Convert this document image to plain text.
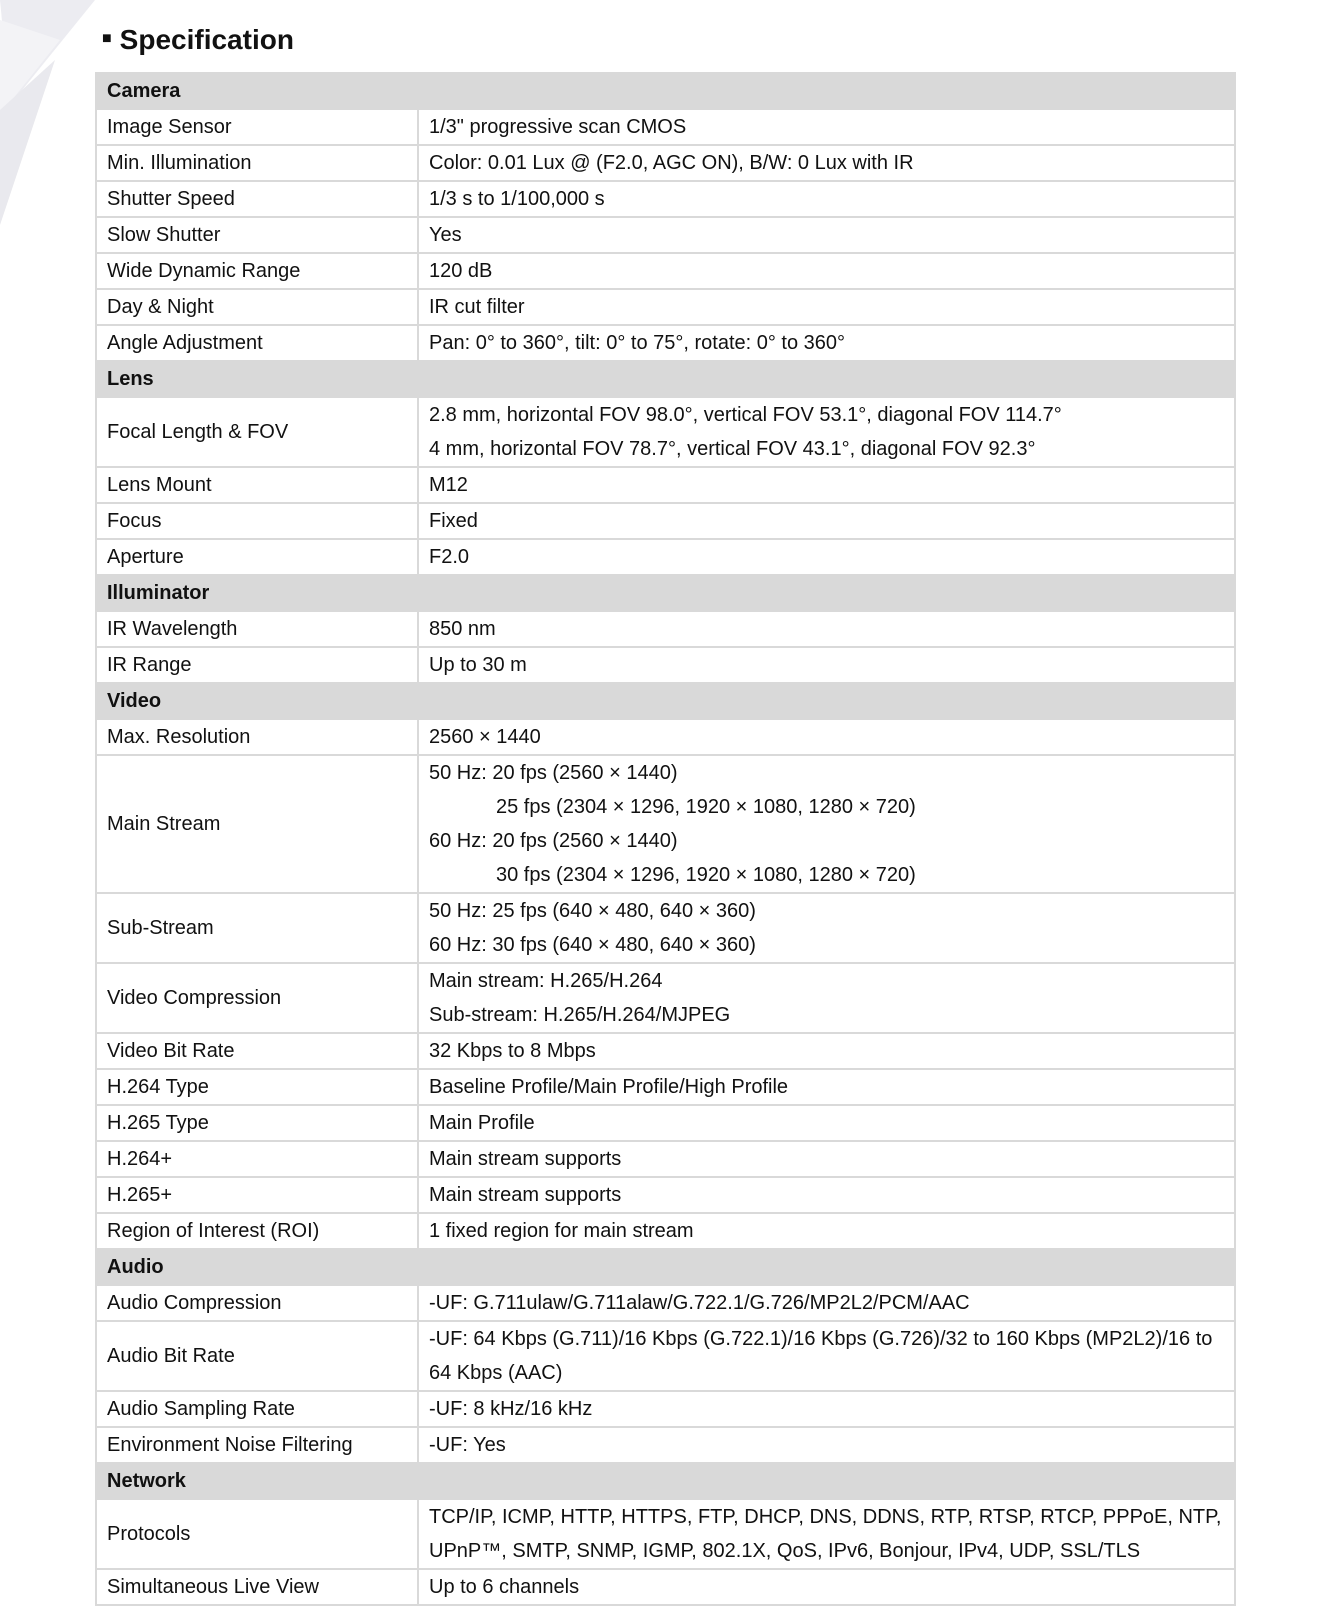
■ Specification
Camera	
Image Sensor	1/3" progressive scan CMOS

Min. Illumination	Color: 0.01 Lux @ (F2.0, AGC ON), B/W: 0 Lux with IR

Shutter Speed	1/3 s to 1/100,000 s

Slow Shutter	Yes

Wide Dynamic Range	120 dB

Day & Night	IR cut filter

Angle Adjustment	Pan: 0° to 360°, tilt: 0° to 75°, rotate: 0° to 360°

Lens	
Focal Length & FOV	2.8 mm, horizontal FOV 98.0°, vertical FOV 53.1°, diagonal FOV 114.7°
4 mm, horizontal FOV 78.7°, vertical FOV 43.1°, diagonal FOV 92.3°

Lens Mount	M12

Focus	Fixed

Aperture	F2.0

Illuminator	
IR Wavelength	850 nm

IR Range	Up to 30 m

Video	
Max. Resolution	2560 × 1440

Main Stream	50 Hz: 20 fps (2560 × 1440)
25 fps (2304 × 1296, 1920 × 1080, 1280 × 720)
60 Hz: 20 fps (2560 × 1440)
30 fps (2304 × 1296, 1920 × 1080, 1280 × 720)

Sub-Stream	50 Hz: 25 fps (640 × 480, 640 × 360)
60 Hz: 30 fps (640 × 480, 640 × 360)

Video Compression	Main stream: H.265/H.264
Sub-stream: H.265/H.264/MJPEG

Video Bit Rate	32 Kbps to 8 Mbps

H.264 Type	Baseline Profile/Main Profile/High Profile

H.265 Type	Main Profile

H.264+	Main stream supports

H.265+	Main stream supports

Region of Interest (ROI)	1 fixed region for main stream

Audio	
Audio Compression	-UF: G.711ulaw/G.711alaw/G.722.1/G.726/MP2L2/PCM/AAC

Audio Bit Rate	-UF: 64 Kbps (G.711)/16 Kbps (G.722.1)/16 Kbps (G.726)/32 to 160 Kbps (MP2L2)/16 to
64 Kbps (AAC)

Audio Sampling Rate	-UF: 8 kHz/16 kHz

Environment Noise Filtering	-UF: Yes

Network	
Protocols	TCP/IP, ICMP, HTTP, HTTPS, FTP, DHCP, DNS, DDNS, RTP, RTSP, RTCP, PPPoE, NTP,
UPnP™, SMTP, SNMP, IGMP, 802.1X, QoS, IPv6, Bonjour, IPv4, UDP, SSL/TLS

Simultaneous Live View	Up to 6 channels
